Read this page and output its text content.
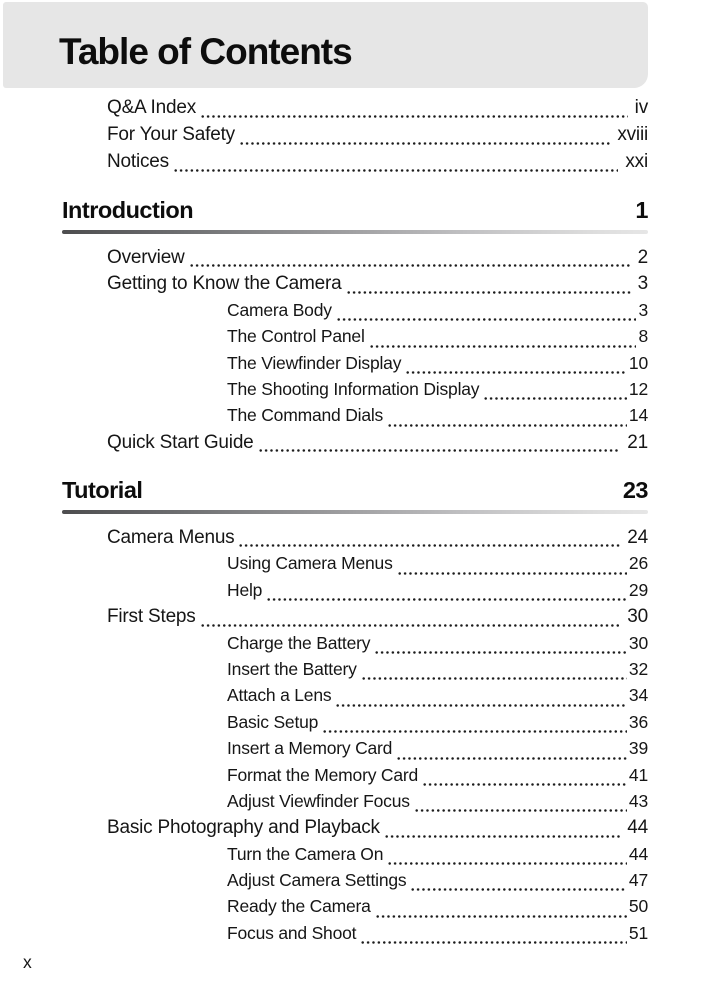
Table of Contents
Q&A Index	iv
For Your Safety	xviii
Notices	xxi
Introduction	1
Overview	2
Getting to Know the Camera	3
Camera Body	3
The Control Panel	8
The Viewfinder Display	10
The Shooting Information Display	12
The Command Dials	14
Quick Start Guide	21
Tutorial	23
Camera Menus	24
Using Camera Menus	26
Help	29
First Steps	30
Charge the Battery	30
Insert the Battery	32
Attach a Lens	34
Basic Setup	36
Insert a Memory Card	39
Format the Memory Card	41
Adjust Viewfinder Focus	43
Basic Photography and Playback	44
Turn the Camera On	44
Adjust Camera Settings	47
Ready the Camera	50
Focus and Shoot	51
x
